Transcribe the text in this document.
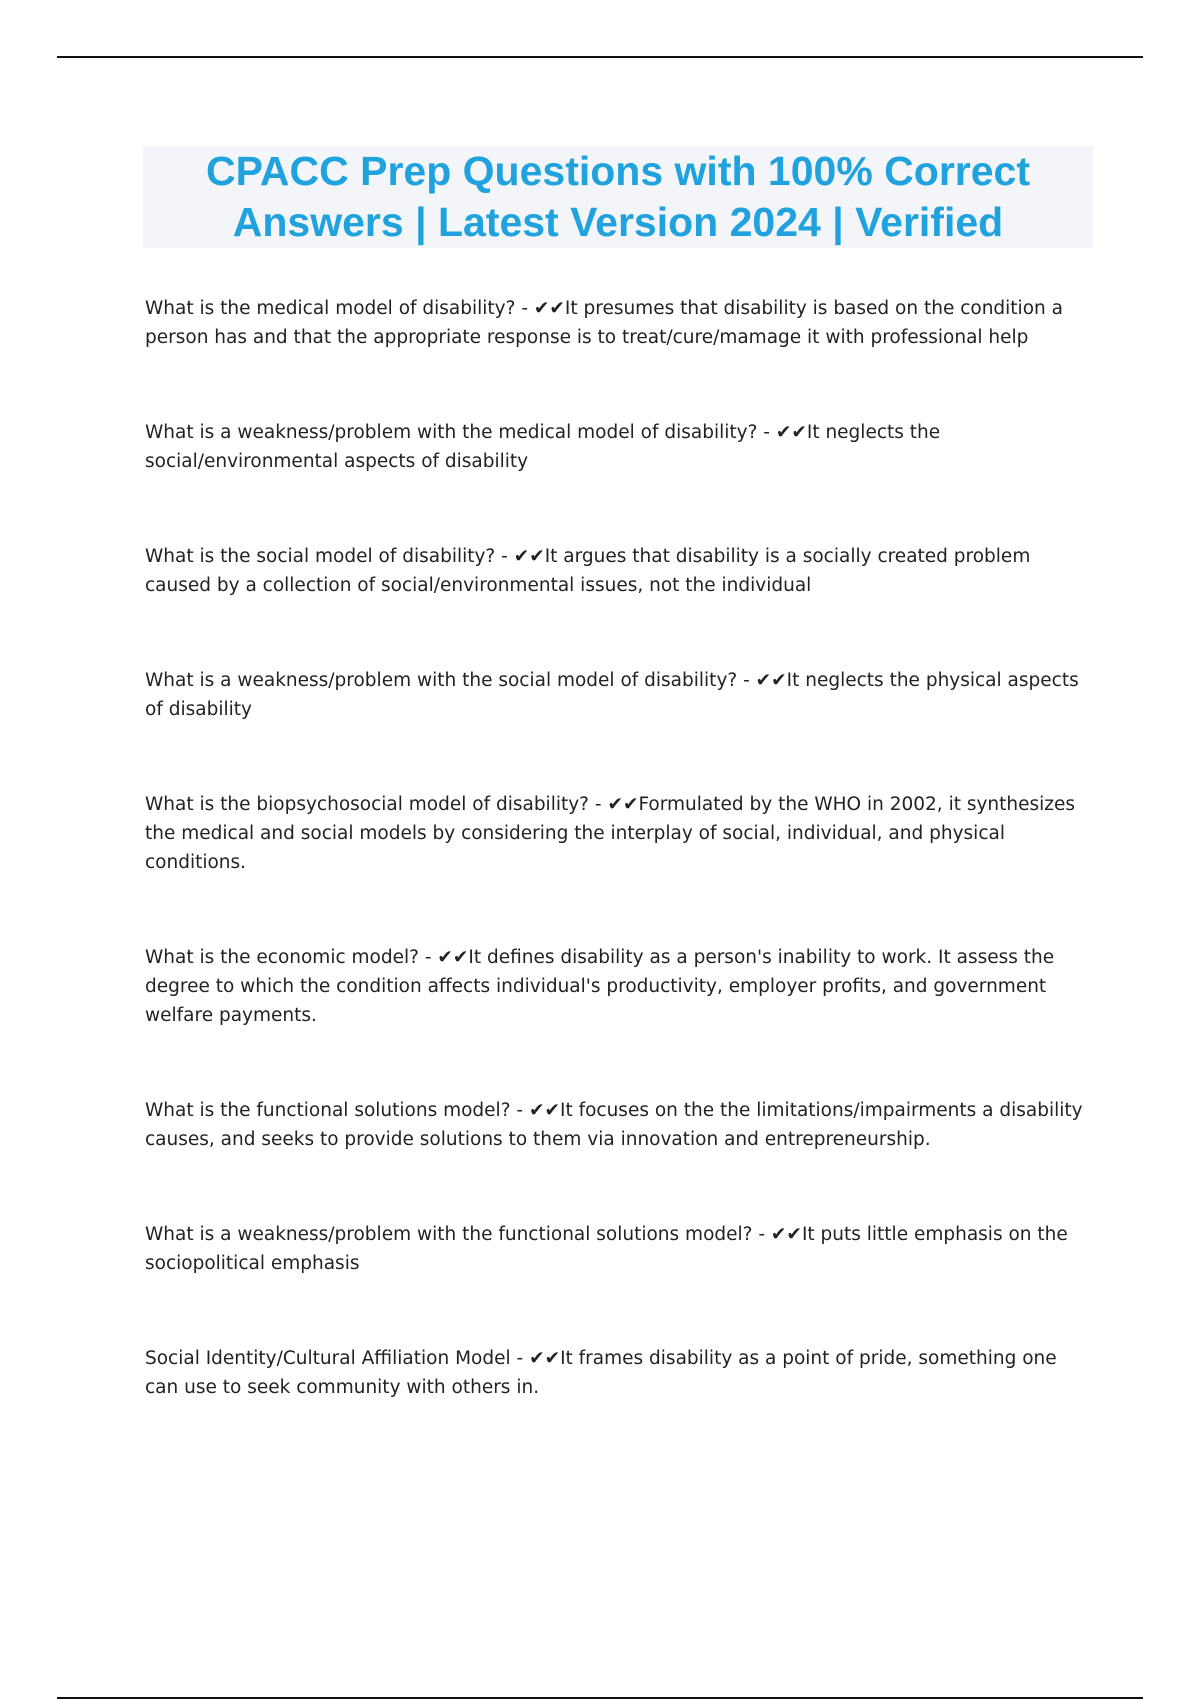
CPACC Prep Questions with 100% Correct Answers | Latest Version 2024 | Verified

What is the medical model of disability? - ✔✔It presumes that disability is based on the condition a person has and that the appropriate response is to treat/cure/mamage it with professional help

What is a weakness/problem with the medical model of disability? - ✔✔It neglects the social/environmental aspects of disability

What is the social model of disability? - ✔✔It argues that disability is a socially created problem caused by a collection of social/environmental issues, not the individual

What is a weakness/problem with the social model of disability? - ✔✔It neglects the physical aspects of disability

What is the biopsychosocial model of disability? - ✔✔Formulated by the WHO in 2002, it synthesizes the medical and social models by considering the interplay of social, individual, and physical conditions.

What is the economic model? - ✔✔It defines disability as a person's inability to work. It assess the degree to which the condition affects individual's productivity, employer profits, and government welfare payments.

What is the functional solutions model? - ✔✔It focuses on the the limitations/impairments a disability causes, and seeks to provide solutions to them via innovation and entrepreneurship.

What is a weakness/problem with the functional solutions model? - ✔✔It puts little emphasis on the sociopolitical emphasis

Social Identity/Cultural Affiliation Model - ✔✔It frames disability as a point of pride, something one can use to seek community with others in.
